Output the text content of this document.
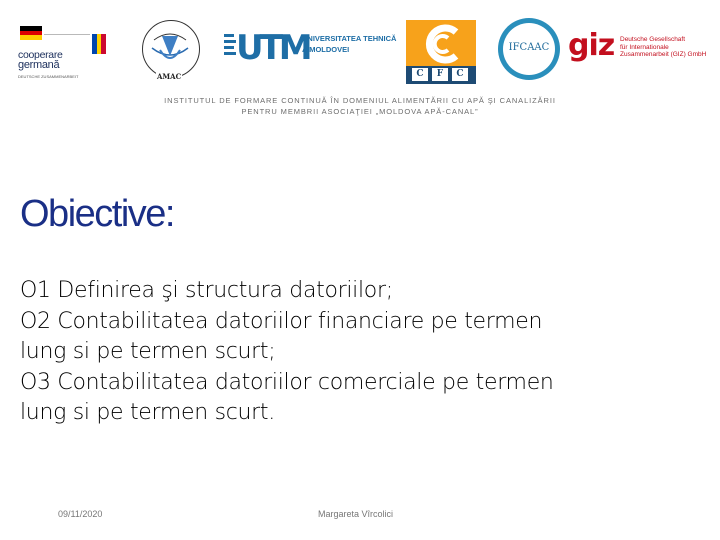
cooperare
germană
DEUTSCHE ZUSAMMENARBEIT	AMAC
UTM
UNIVERSITATEA TEHNICĂ
A MOLDOVEI
C	F	C
IFCAAC giz Deutsche Gesellschaft
für Internationale
Zusammenarbeit (GIZ) GmbH
INSTITUTUL DE FORMARE CONTINUĂ ÎN DOMENIUL ALIMENTĂRII CU APĂ ŞI CANALIZĂRII
PENTRU MEMBRII ASOCIAŢIEI „MOLDOVA APĂ-CANAL”
Obiective:
O1 Definirea şi structura datoriilor;
O2 Contabilitatea datoriilor financiare pe termen
lung si pe termen scurt;
O3 Contabilitatea datoriilor comerciale pe termen
lung si pe termen scurt.
09/11/2020	Margareta Vîrcolici
